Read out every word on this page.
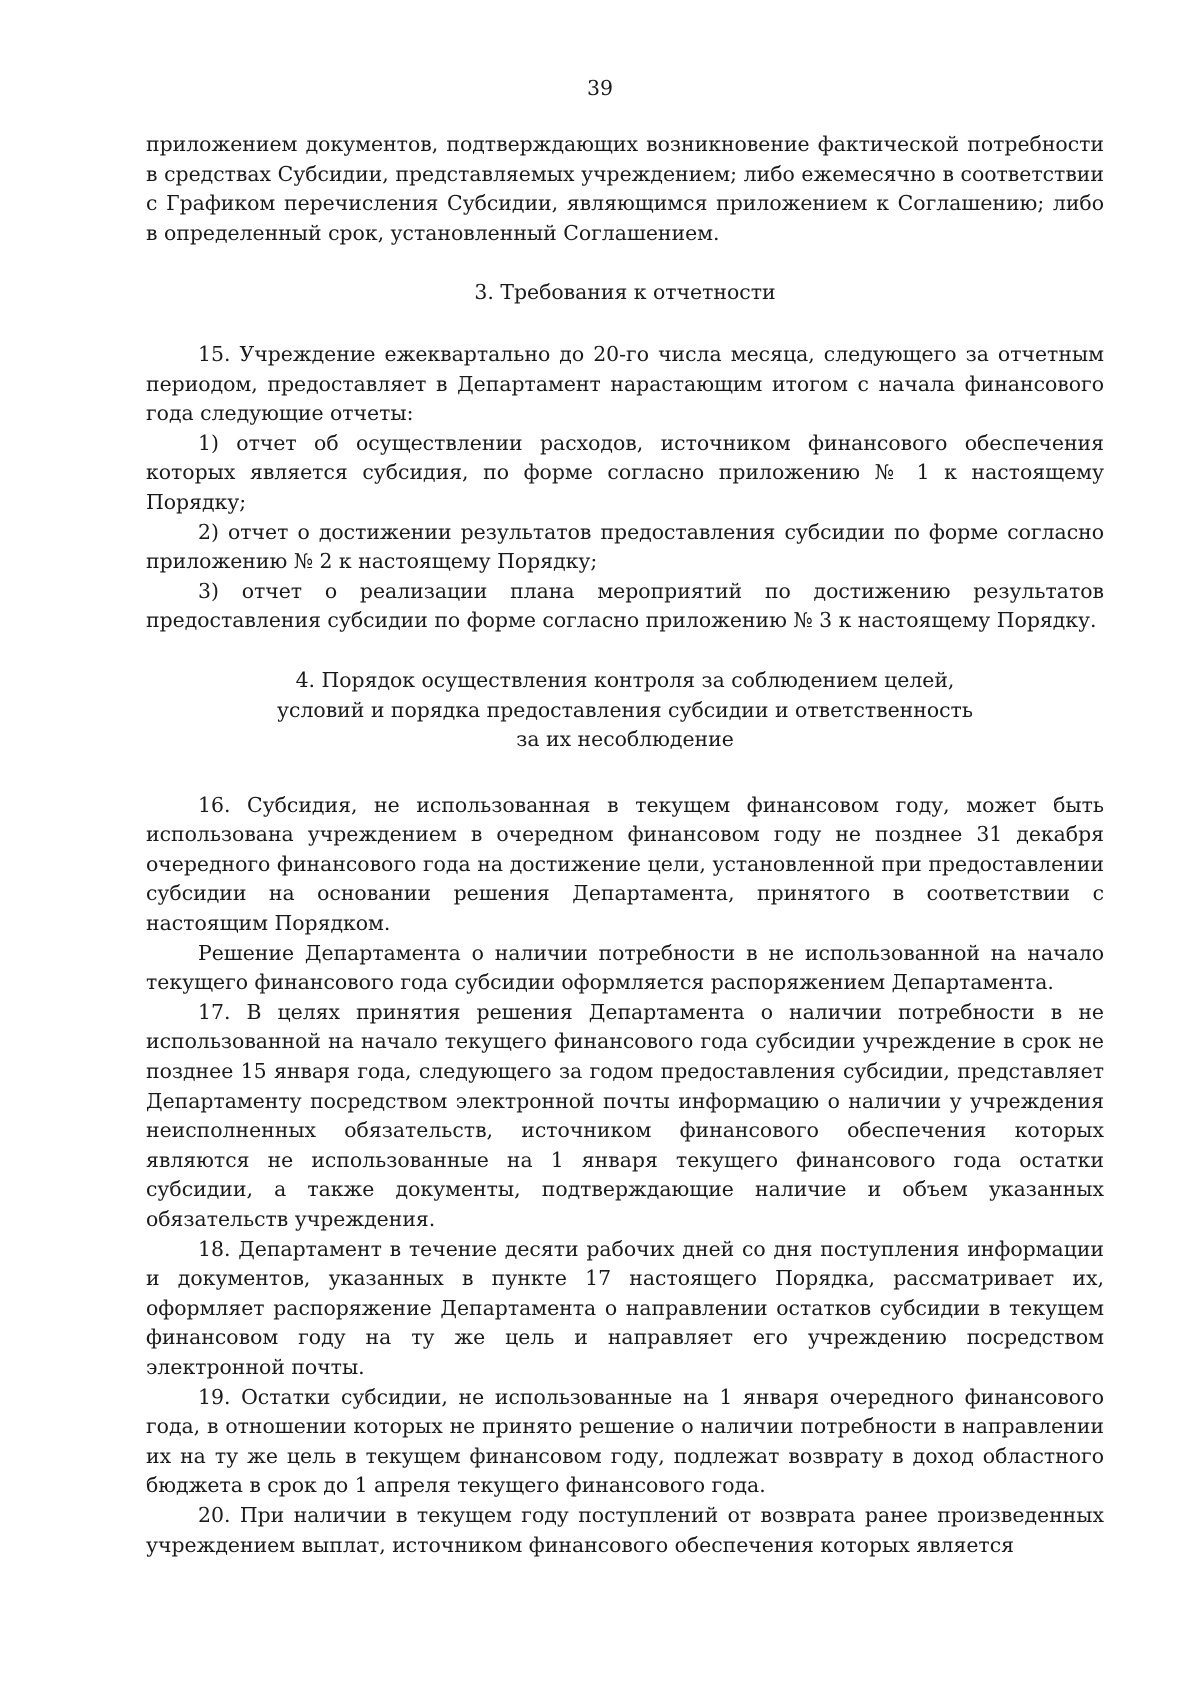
39

приложением документов, подтверждающих возникновение фактической потребности в средствах Субсидии, представляемых учреждением; либо ежемесячно в соответствии с Графиком перечисления Субсидии, являющимся приложением к Соглашению; либо в определенный срок, установленный Соглашением.

3. Требования к отчетности

15. Учреждение ежеквартально до 20-го числа месяца, следующего за отчетным периодом, предоставляет в Департамент нарастающим итогом с начала финансового года следующие отчеты:

1) отчет об осуществлении расходов, источником финансового обеспечения которых является субсидия, по форме согласно приложению № 1 к настоящему Порядку;

2) отчет о достижении результатов предоставления субсидии по форме согласно приложению № 2 к настоящему Порядку;

3) отчет о реализации плана мероприятий по достижению результатов предоставления субсидии по форме согласно приложению № 3 к настоящему Порядку.

4. Порядок осуществления контроля за соблюдением целей,
условий и порядка предоставления субсидии и ответственность
за их несоблюдение

16. Субсидия, не использованная в текущем финансовом году, может быть использована учреждением в очередном финансовом году не позднее 31 декабря очередного финансового года на достижение цели, установленной при предоставлении субсидии на основании решения Департамента, принятого в соответствии с настоящим Порядком.

Решение Департамента о наличии потребности в не использованной на начало текущего финансового года субсидии оформляется распоряжением Департамента.

17. В целях принятия решения Департамента о наличии потребности в не использованной на начало текущего финансового года субсидии учреждение в срок не позднее 15 января года, следующего за годом предоставления субсидии, представляет Департаменту посредством электронной почты информацию о наличии у учреждения неисполненных обязательств, источником финансового обеспечения которых являются не использованные на 1 января текущего финансового года остатки субсидии, а также документы, подтверждающие наличие и объем указанных обязательств учреждения.

18. Департамент в течение десяти рабочих дней со дня поступления информации и документов, указанных в пункте 17 настоящего Порядка, рассматривает их, оформляет распоряжение Департамента о направлении остатков субсидии в текущем финансовом году на ту же цель и направляет его учреждению посредством электронной почты.

19. Остатки субсидии, не использованные на 1 января очередного финансового года, в отношении которых не принято решение о наличии потребности в направлении их на ту же цель в текущем финансовом году, подлежат возврату в доход областного бюджета в срок до 1 апреля текущего финансового года.

20. При наличии в текущем году поступлений от возврата ранее произведенных учреждением выплат, источником финансового обеспечения которых является
